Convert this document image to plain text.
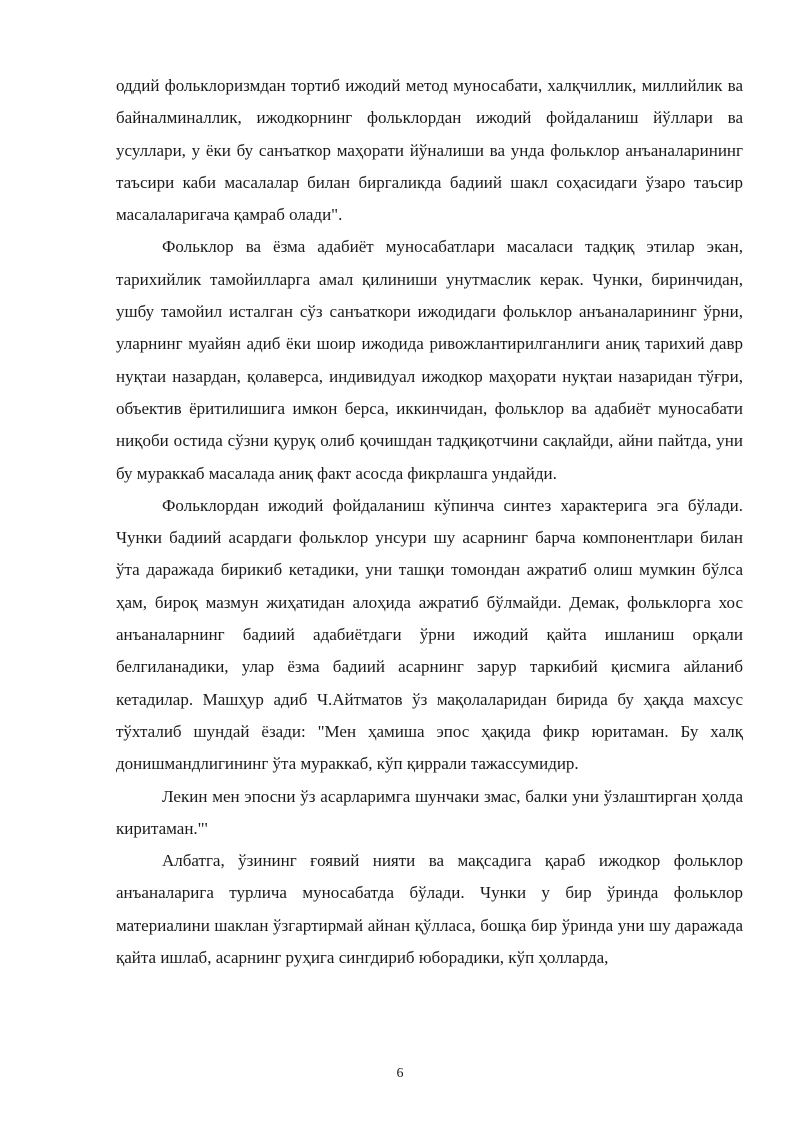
оддий фольклоризмдан тортиб ижодий метод муносабати, халқчиллик, миллийлик ва байналминаллик, ижодкорнинг фольклордан ижодий фойдаланиш йўллари ва усуллари, у ёки бу санъаткор маҳорати йўналиши ва унда фольклор анъаналарининг таъсири каби масалалар билан биргаликда бадиий шакл соҳасидаги ўзаро таъсир масалаларигача қамраб олади".

Фольклор ва ёзма адабиёт муносабатлари масаласи тадқиқ этилар экан, тарихийлик тамойилларга амал қилиниши унутмаслик керак. Чунки, биринчидан, ушбу тамойил исталган сўз санъаткори ижодидаги фольклор анъаналарининг ўрни, уларнинг муайян адиб ёки шоир ижодида ривожлантирилганлиги аниқ тарихий давр нуқтаи назардан, қолаверса, индивидуал ижодкор маҳорати нуқтаи назаридан тўғри, объектив ёритилишига имкон берса, иккинчидан, фольклор ва адабиёт муносабати ниқоби остида сўзни қуруқ олиб қочишдан тадқиқотчини сақлайди, айни пайтда, уни бу мураккаб масалада аниқ факт асосда фикрлашга ундайди.

Фольклордан ижодий фойдаланиш кўпинча синтез характерига эга бўлади. Чунки бадиий асардаги фольклор унсури шу асарнинг барча компонентлари билан ўта даражада бирикиб кетадики, уни ташқи томондан ажратиб олиш мумкин бўлса ҳам, бироқ мазмун жиҳатидан алоҳида ажратиб бўлмайди. Демак, фольклорга хос анъаналарнинг бадиий адабиётдаги ўрни ижодий қайта ишланиш орқали белгиланадики, улар ёзма бадиий асарнинг зарур таркибий қисмига айланиб кетадилар. Машҳур адиб Ч.Айтматов ўз мақолаларидан бирида бу ҳақда махсус тўхталиб шундай ёзади: "Мен ҳамиша эпос ҳақида фикр юритаман. Бу халқ донишмандлигининг ўта мураккаб, кўп қиррали тажассумидир.

Лекин мен эпосни ўз асарларимга шунчаки змас, балки уни ўзлаштирган ҳолда киритаман."'

Албатга, ўзининг ғоявий нияти ва мақсадига қараб ижодкор фольклор анъаналарига турлича муносабатда бўлади. Чунки у бир ўринда фольклор материалини шаклан ўзгартирмай айнан қўлласа, бошқа бир ўринда уни шу даражада қайта ишлаб, асарнинг руҳига сингдириб юборадики, кўп ҳолларда,

6
